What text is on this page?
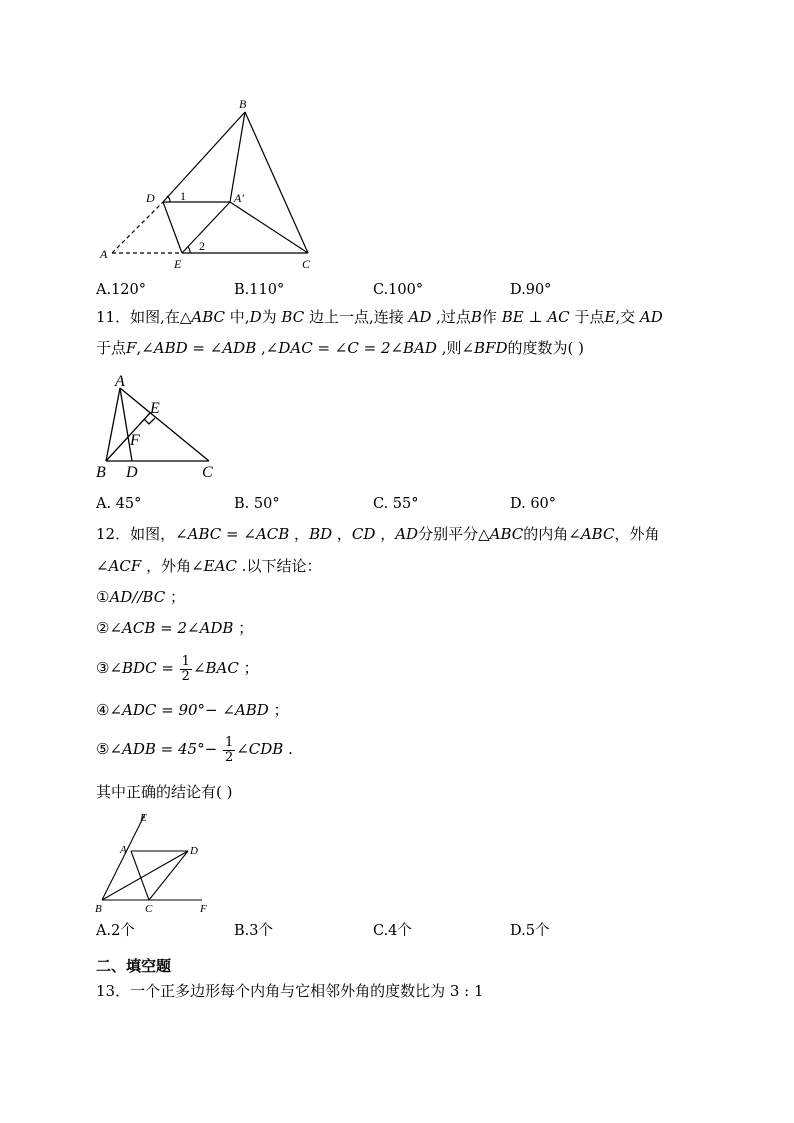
B
D 1	A′
A
2
E	C
A.120°	B.110°	C.100°	D.90°
11．如图,在△ABC 中,D为 BC 边上一点,连接 AD ,过点B作 BE ⊥ AC 于点E,交 AD
于点F,∠ABD = ∠ADB ,∠DAC = ∠C = 2∠BAD ,则∠BFD的度数为( )
A
E
F
B D	C
A. 45°	B. 50°	C. 55°	D. 60°
12．如图，∠ABC = ∠ACB ，BD ，CD ，AD分别平分△ABC的内角∠ABC，外角
∠ACF ，外角∠EAC .以下结论：
①AD//BC ；
②∠ACB = 2∠ADB ；
③∠BDC = $\frac{1}{2}$ ∠BAC ；
④∠ADC = 90°− ∠ABD ；
⑤∠ADB = $45^\circ- \frac{1}{2}$ ∠CDB .
其中正确的结论有( )
E
A	D
B	C	F
A.2个	B.3个	C.4个	D.5个
二、填空题
13．一个正多边形每个内角与它相邻外角的度数比为 3 : 1
